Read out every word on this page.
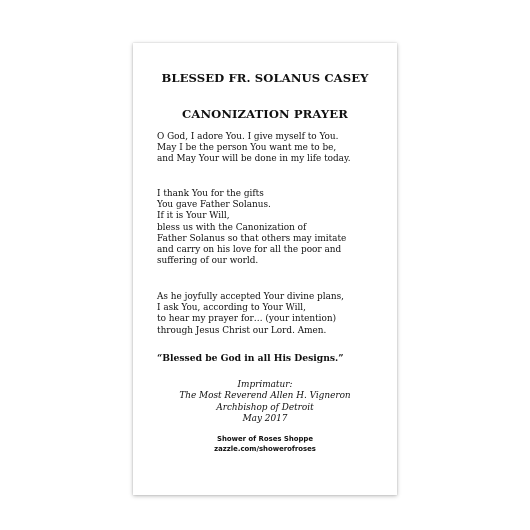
BLESSED FR. SOLANUS CASEY
CANONIZATION PRAYER
O God, I adore You. I give myself to You.
May I be the person You want me to be,
and May Your will be done in my life today.
I thank You for the gifts
You gave Father Solanus.
If it is Your Will,
bless us with the Canonization of
Father Solanus so that others may imitate
and carry on his love for all the poor and
suffering of our world.
As he joyfully accepted Your divine plans,
I ask You, according to Your Will,
to hear my prayer for… (your intention)
through Jesus Christ our Lord. Amen.
“Blessed be God in all His Designs.”
Imprimatur:
The Most Reverend Allen H. Vigneron
Archbishop of Detroit
May 2017
Shower of Roses Shoppe
zazzle.com/showerofroses
